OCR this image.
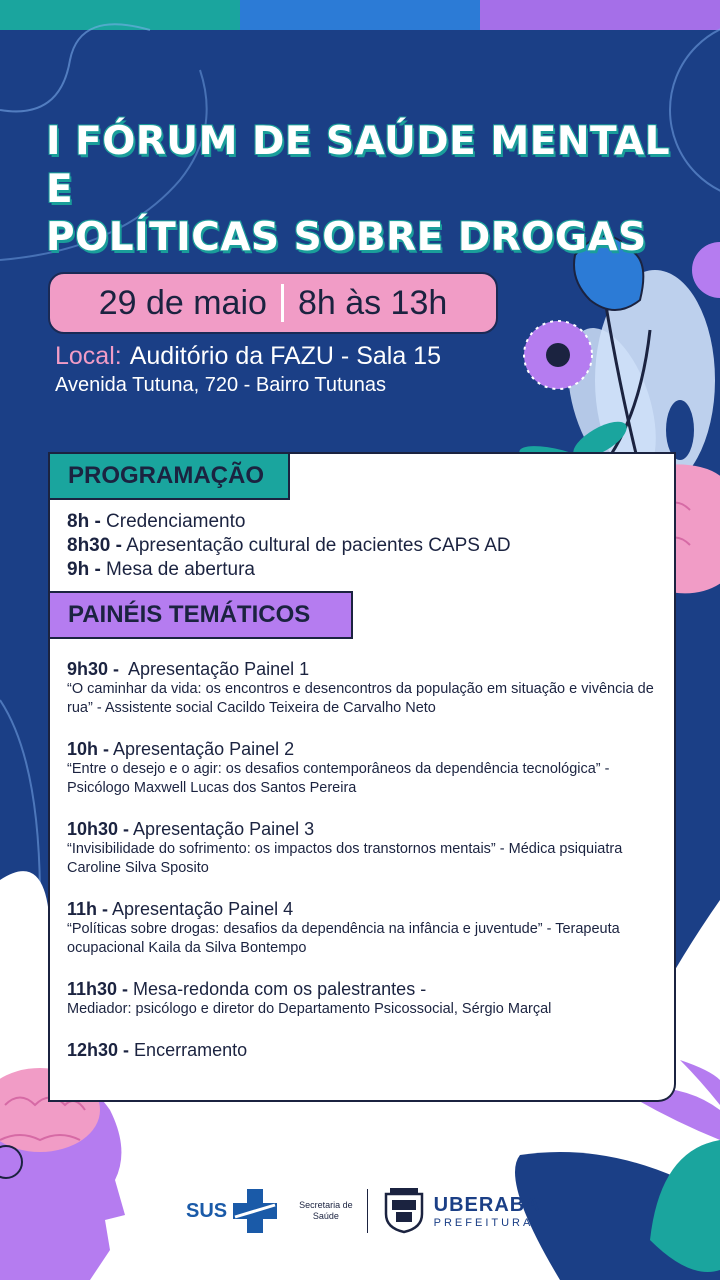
I FÓRUM DE SAÚDE MENTAL E
POLÍTICAS SOBRE DROGAS
29 de maio 8h às 13h
Local: Auditório da FAZU - Sala 15
Avenida Tutuna, 720 - Bairro Tutunas
PROGRAMAÇÃO
8h - Credenciamento
8h30 - Apresentação cultural de pacientes CAPS AD
9h - Mesa de abertura
PAINÉIS TEMÁTICOS
9h30 -  Apresentação Painel 1
“O caminhar da vida: os encontros e desencontros da população em situação e vivência de rua” - Assistente social Cacildo Teixeira de Carvalho Neto
10h - Apresentação Painel 2
“Entre o desejo e o agir: os desafios contemporâneos da dependência tecnológica” - Psicólogo Maxwell Lucas dos Santos Pereira
10h30 - Apresentação Painel 3
“Invisibilidade do sofrimento: os impactos dos transtornos mentais” - Médica psiquiatra Caroline Silva Sposito
11h - Apresentação Painel 4
“Políticas sobre drogas: desafios da dependência na infância e juventude” - Terapeuta ocupacional Kaila da Silva Bontempo
11h30 - Mesa-redonda com os palestrantes -
Mediador: psicólogo e diretor do Departamento Psicossocial, Sérgio Marçal
12h30 - Encerramento
SUS	Secretaria de
Saúde
UBERABA
PREFEITURA
